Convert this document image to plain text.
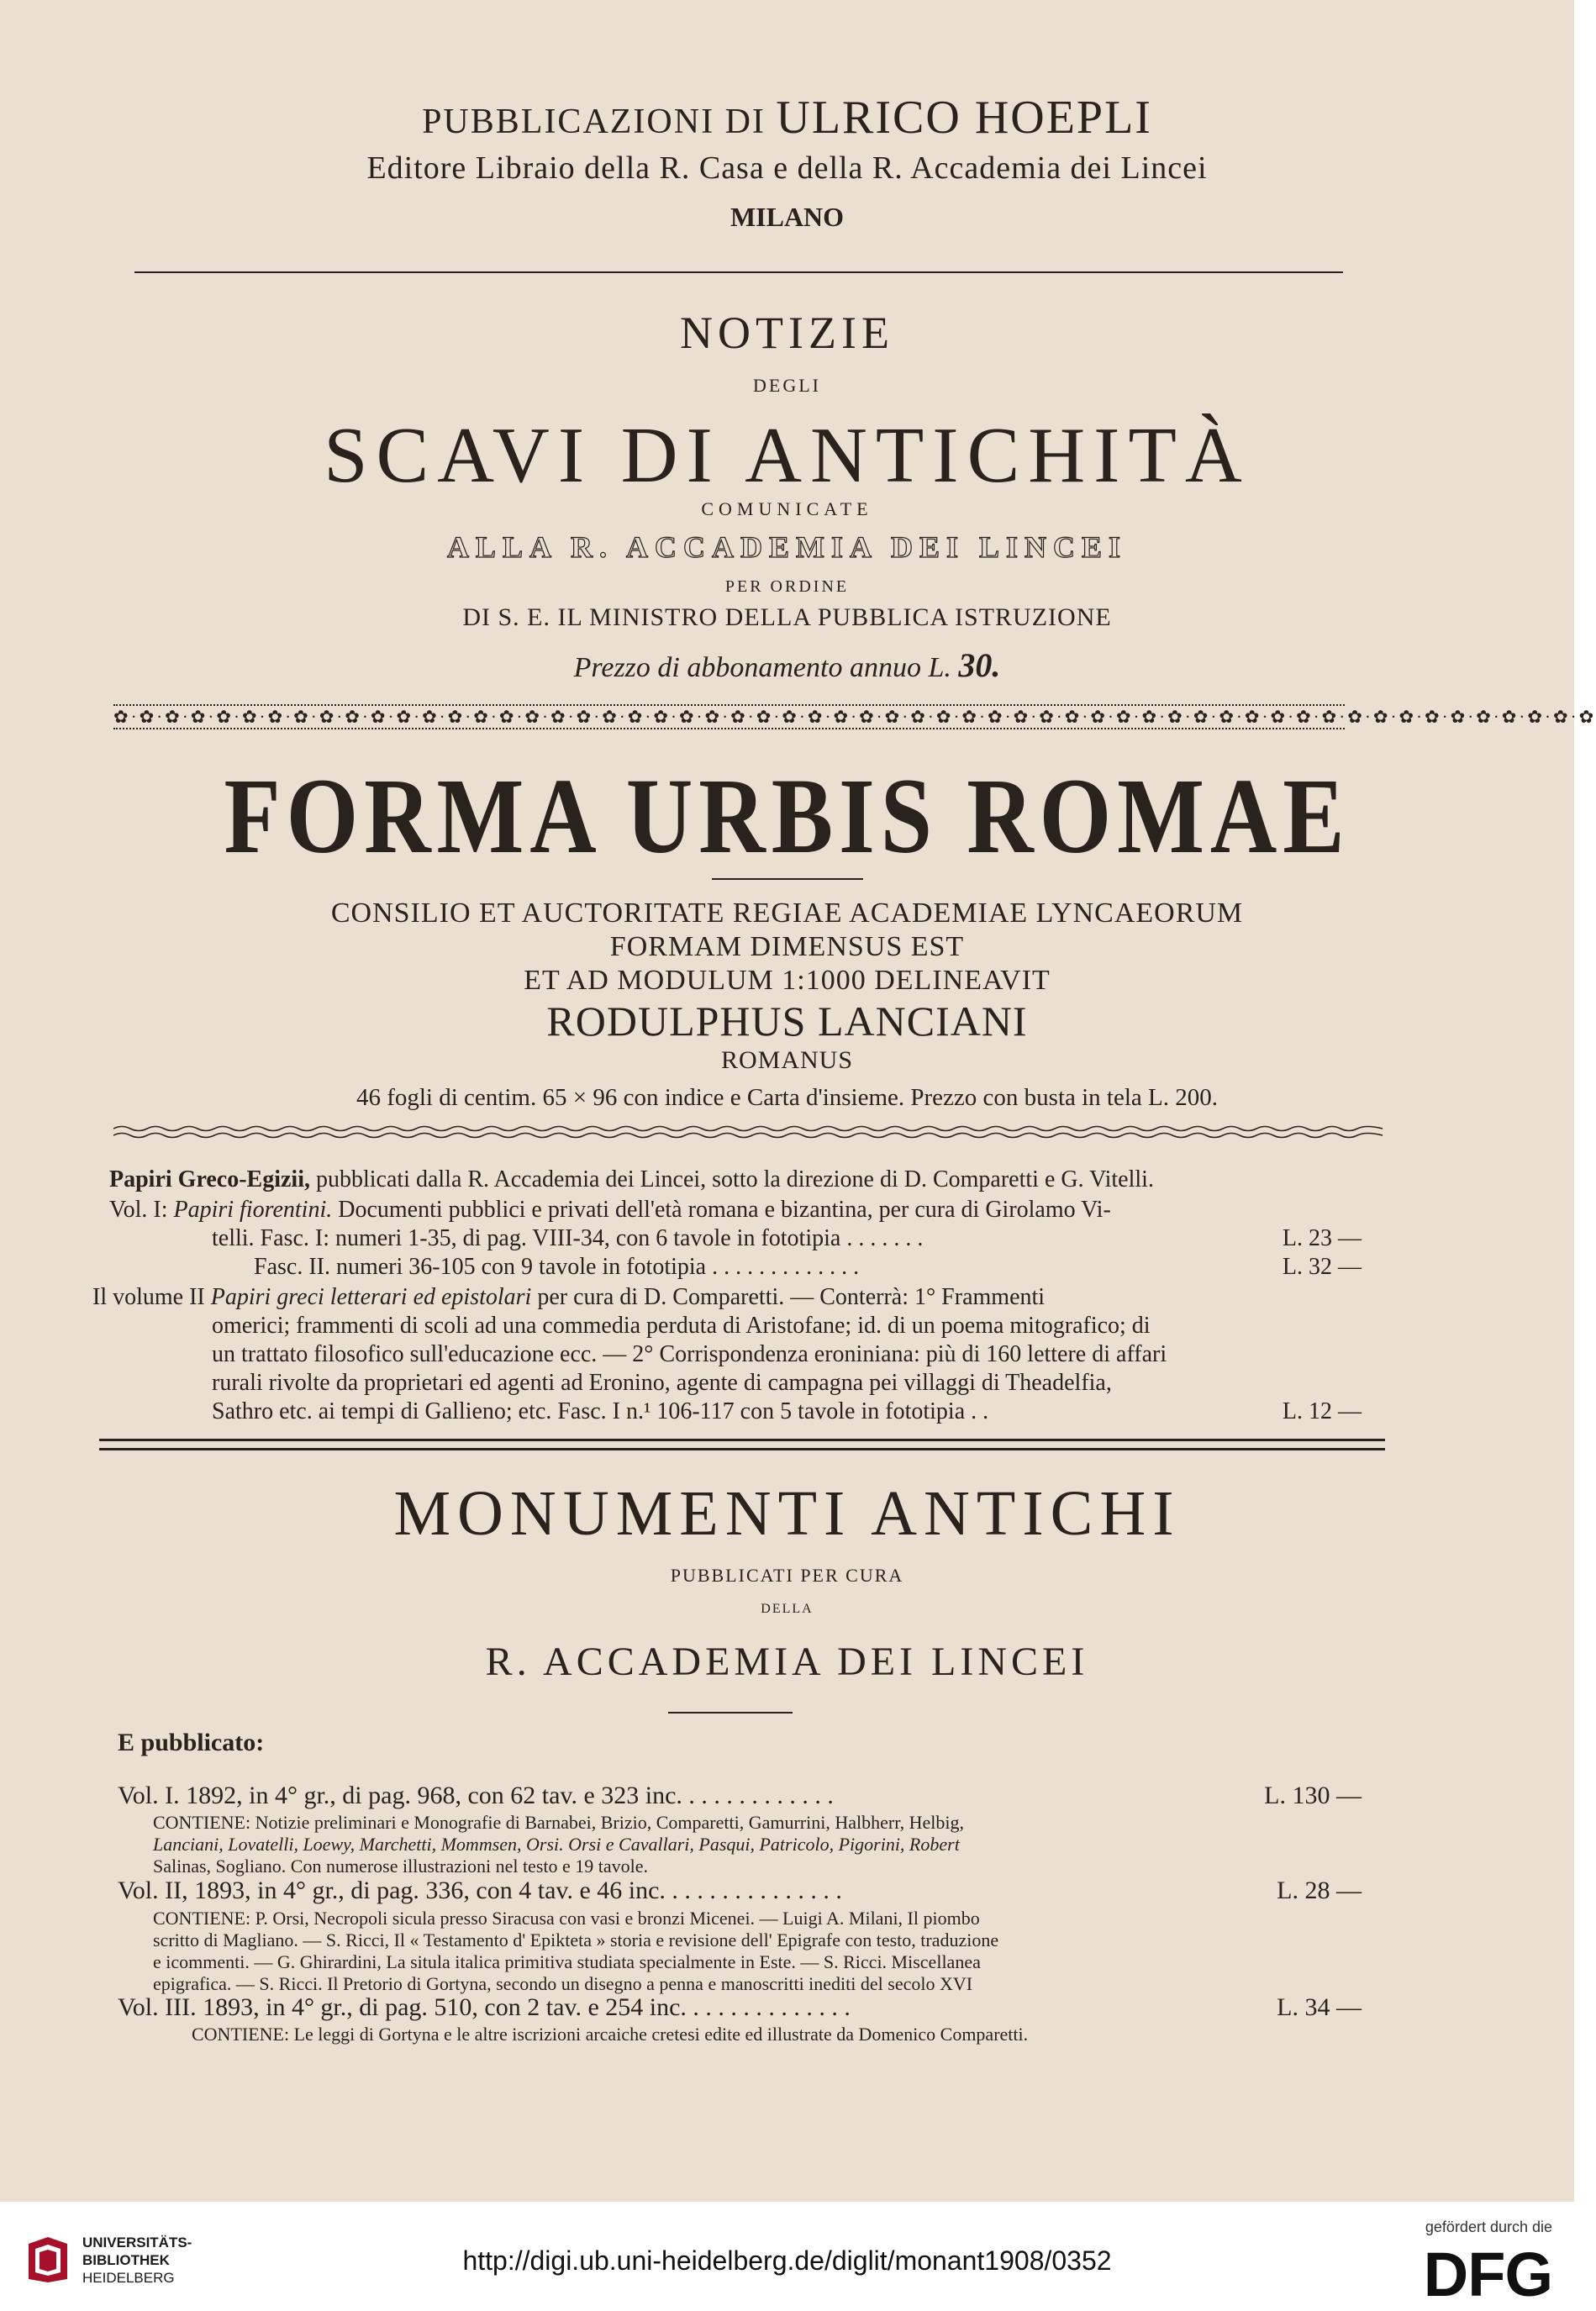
PUBBLICAZIONI DI ULRICO HOEPLI
Editore Libraio della R. Casa e della R. Accademia dei Lincei
MILANO
NOTIZIE
DEGLI
SCAVI DI ANTICHITÀ
COMUNICATE
ALLA R. ACCADEMIA DEI LINCEI
PER ORDINE
DI S. E. IL MINISTRO DELLA PUBBLICA ISTRUZIONE
Prezzo di abbonamento annuo L. 30.
✿·✿·✿·✿·✿·✿·✿·✿·✿·✿·✿·✿·✿·✿·✿·✿·✿·✿·✿·✿·✿·✿·✿·✿·✿·✿·✿·✿·✿·✿·✿·✿·✿·✿·✿·✿·✿·✿·✿·✿·✿·✿·✿·✿·✿·✿·✿·✿·✿·✿·✿·✿·✿·✿·✿·✿·✿·✿
FORMA URBIS ROMAE
CONSILIO ET AUCTORITATE REGIAE ACADEMIAE LYNCAEORUM
FORMAM DIMENSUS EST
ET AD MODULUM 1:1000 DELINEAVIT
RODULPHUS LANCIANI
ROMANUS
46 fogli di centim. 65 × 96 con indice e Carta d'insieme. Prezzo con busta in tela L. 200.
Papiri Greco-Egizii, pubblicati dalla R. Accademia dei Lincei, sotto la direzione di D. Comparetti e G. Vitelli.
Vol. I: Papiri fiorentini. Documenti pubblici e privati dell'età romana e bizantina, per cura di Girolamo Vi-
telli. Fasc. I: numeri 1-35, di pag. VIII-34, con 6 tavole in fototipia . . . . . . .	L. 23 —
Fasc. II. numeri 36-105 con 9 tavole in fototipia . . . . . . . . . . . . .	L. 32 —
Il volume II Papiri greci letterari ed epistolari per cura di D. Comparetti. — Conterrà: 1° Frammenti
omerici; frammenti di scoli ad una commedia perduta di Aristofane; id. di un poema mitografico; di
un trattato filosofico sull'educazione ecc. — 2° Corrispondenza eroniniana: più di 160 lettere di affari
rurali rivolte da proprietari ed agenti ad Eronino, agente di campagna pei villaggi di Theadelfia,
Sathro etc. ai tempi di Gallieno; etc. Fasc. I n.¹ 106-117 con 5 tavole in fototipia . .	L. 12 —
MONUMENTI ANTICHI
PUBBLICATI PER CURA
DELLA
R. ACCADEMIA DEI LINCEI
E pubblicato:
Vol. I. 1892, in 4° gr., di pag. 968, con 62 tav. e 323 inc. . . . . . . . . . . . .	L. 130 —
CONTIENE: Notizie preliminari e Monografie di Barnabei, Brizio, Comparetti, Gamurrini, Halbherr, Helbig,
Lanciani, Lovatelli, Loewy, Marchetti, Mommsen, Orsi. Orsi e Cavallari, Pasqui, Patricolo, Pigorini, Robert
Salinas, Sogliano. Con numerose illustrazioni nel testo e 19 tavole.
Vol. II, 1893, in 4° gr., di pag. 336, con 4 tav. e 46 inc. . . . . . . . . . . . . . .	L. 28 —
CONTIENE: P. Orsi, Necropoli sicula presso Siracusa con vasi e bronzi Micenei. — Luigi A. Milani, Il piombo
scritto di Magliano. — S. Ricci, Il « Testamento d' Epikteta » storia e revisione dell' Epigrafe con testo, traduzione
e icommenti. — G. Ghirardini, La situla italica primitiva studiata specialmente in Este. — S. Ricci. Miscellanea
epigrafica. — S. Ricci. Il Pretorio di Gortyna, secondo un disegno a penna e manoscritti inediti del secolo XVI
Vol. III. 1893, in 4° gr., di pag. 510, con 2 tav. e 254 inc. . . . . . . . . . . . . .	L. 34 —
CONTIENE: Le leggi di Gortyna e le altre iscrizioni arcaiche cretesi edite ed illustrate da Domenico Comparetti.
UNIVERSITÄTS-
BIBLIOTHEK
HEIDELBERG
http://digi.ub.uni-heidelberg.de/diglit/monant1908/0352
gefördert durch die
DFG
